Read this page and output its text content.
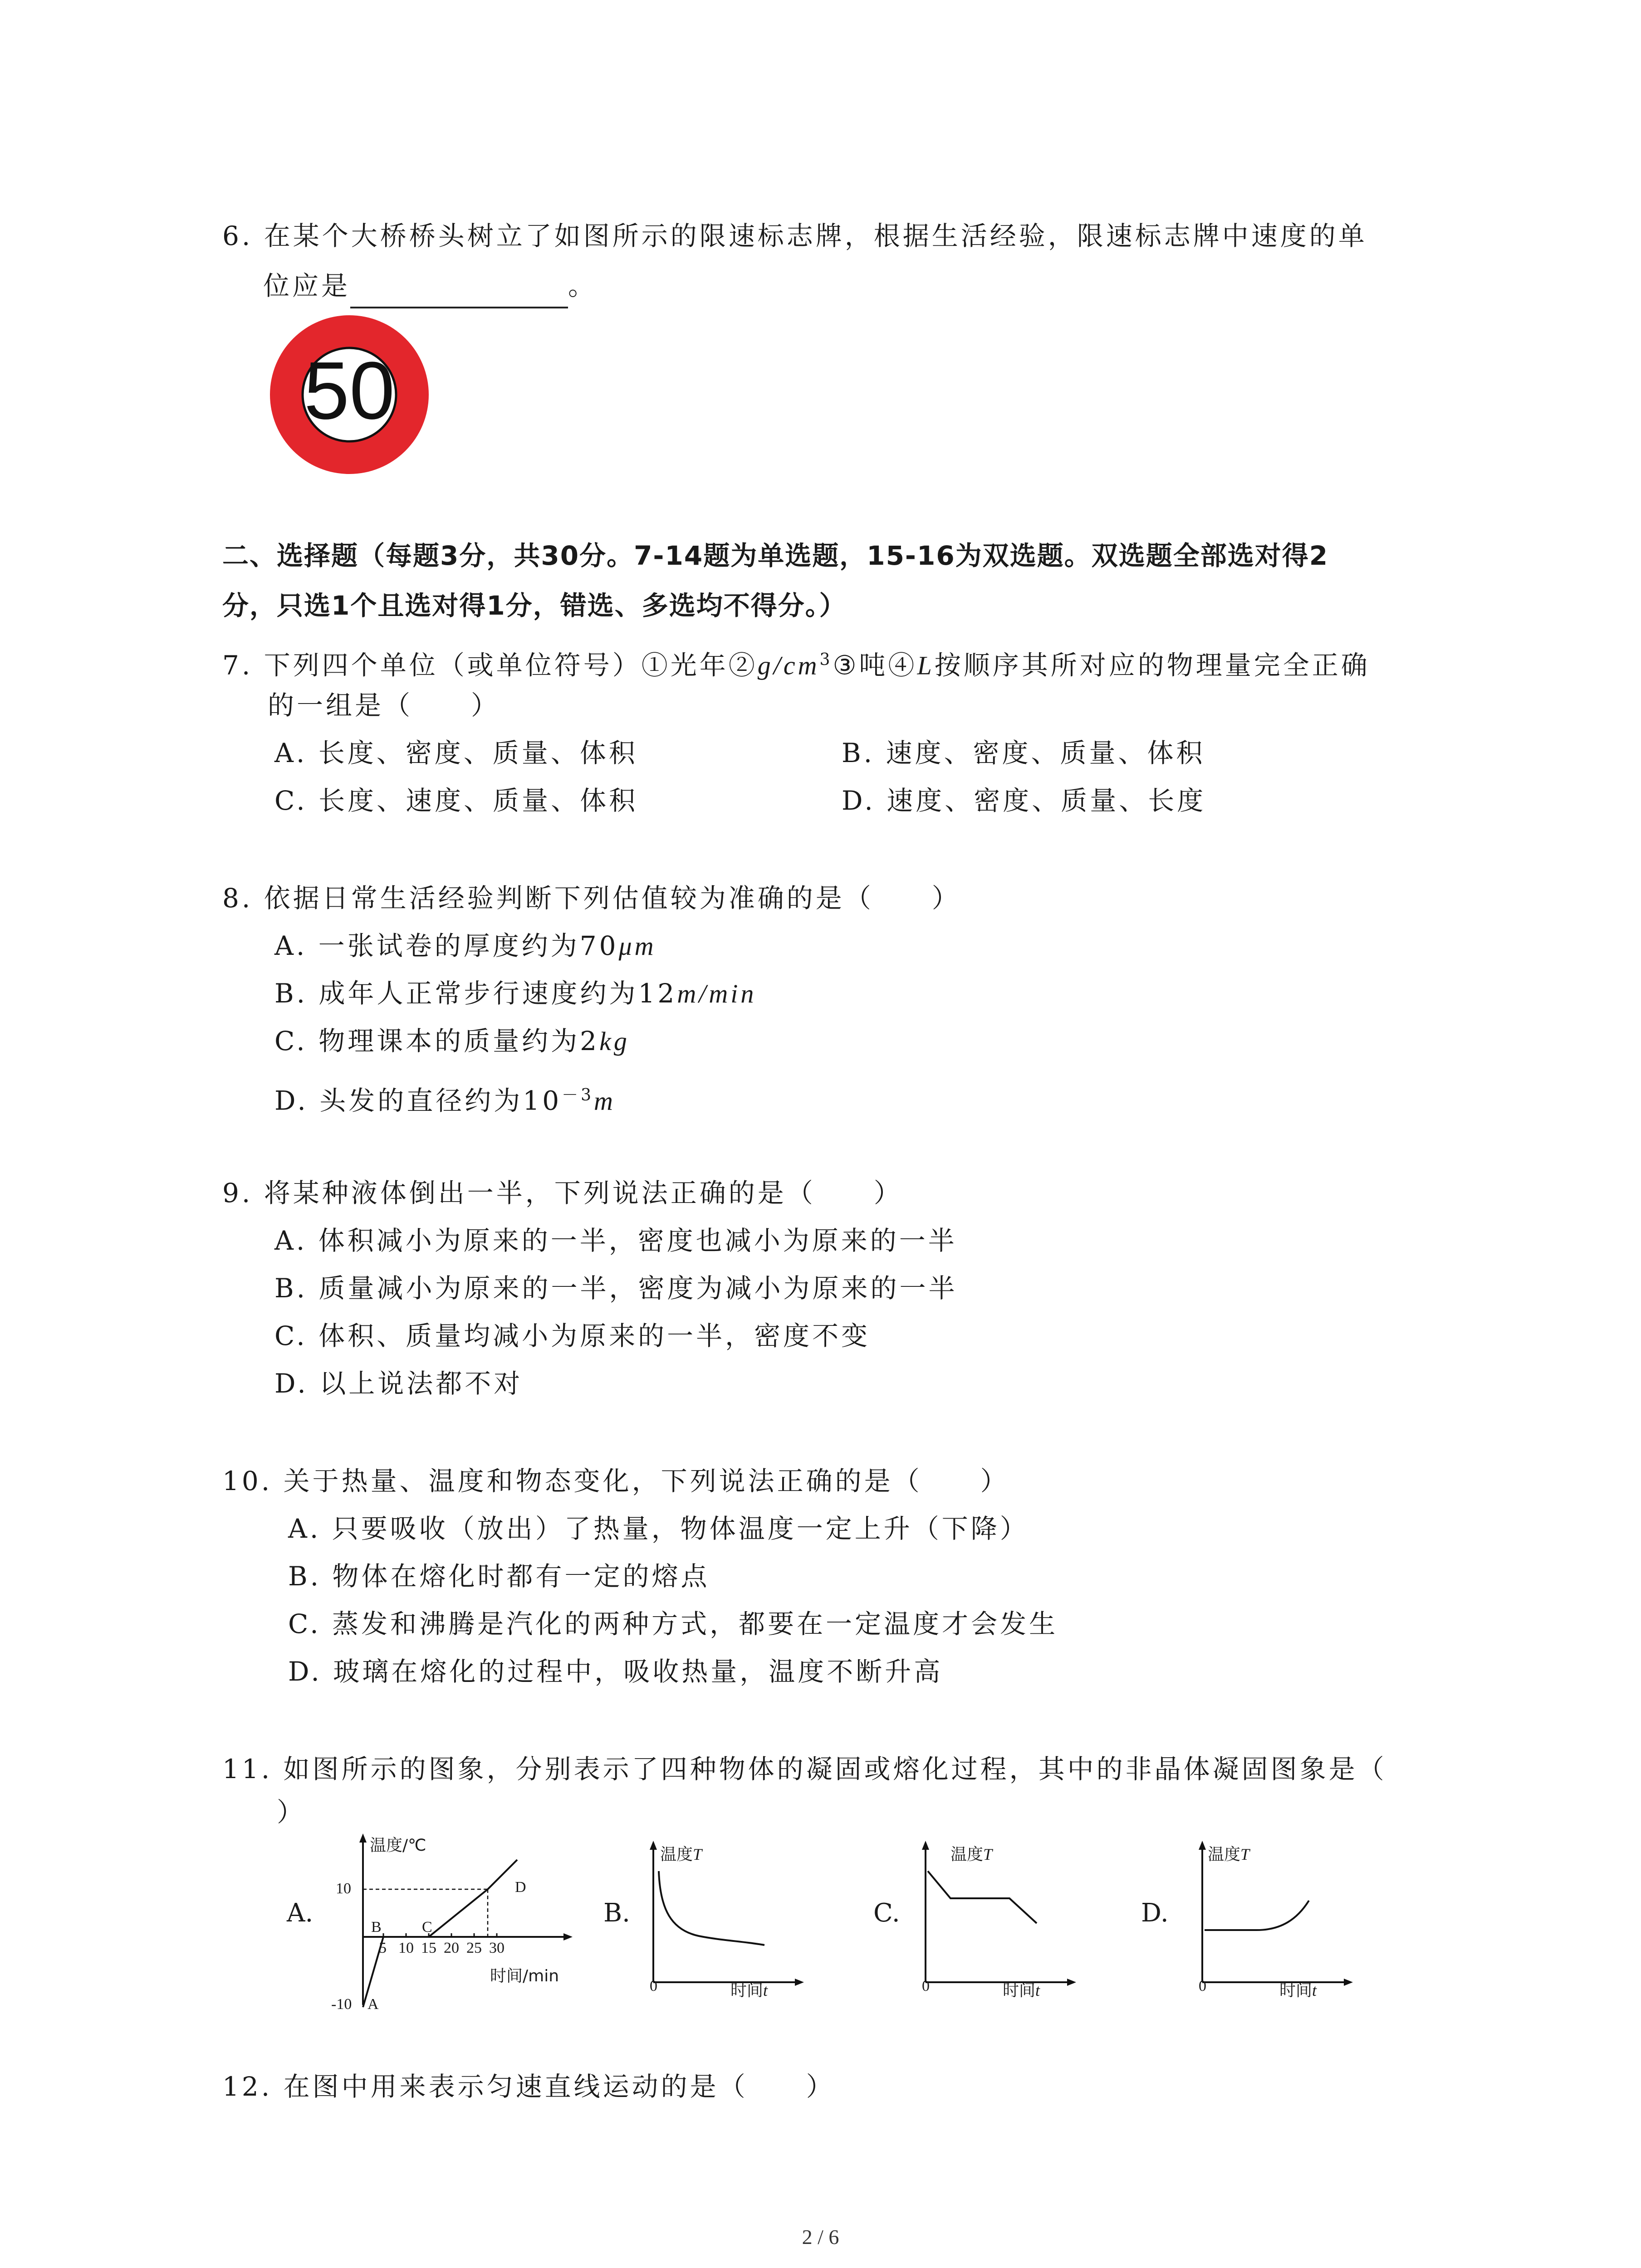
6. 在某个大桥桥头树立了如图所示的限速标志牌，根据生活经验，限速标志牌中速度的单
位应是	。
50
二、选择题（每题3分，共30分。7-14题为单选题，15-16为双选题。双选题全部选对得2
分，只选1个且选对得1分，错选、多选均不得分。）
7. 下列四个单位（或单位符号）①光年$②g/cm^3③$吨④L按顺序其所对应的物理量完全正确
的一组是（　　）
A. 长度、密度、质量、体积	B. 速度、密度、质量、体积
C. 长度、速度、质量、体积	D. 速度、密度、质量、长度
8. 依据日常生活经验判断下列估值较为准确的是（　　）
A. 一张试卷的厚度约为70μm
B. 成年人正常步行速度约为12m/min
C. 物理课本的质量约为2kg
D. 头发的直径约为$10^{-3}m$
9. 将某种液体倒出一半，下列说法正确的是（　　）
A. 体积减小为原来的一半，密度也减小为原来的一半
B. 质量减小为原来的一半，密度为减小为原来的一半
C. 体积、质量均减小为原来的一半，密度不变
D. 以上说法都不对
10. 关于热量、温度和物态变化，下列说法正确的是（　　）
A. 只要吸收（放出）了热量，物体温度一定上升（下降）
B. 物体在熔化时都有一定的熔点
C. 蒸发和沸腾是汽化的两种方式，都要在一定温度才会发生
D. 玻璃在熔化的过程中，吸收热量，温度不断升高
11. 如图所示的图象，分别表示了四种物体的凝固或熔化过程，其中的非晶体凝固图象是（
）
A.	B.	C.	D.
温度/℃
10
-10
5 10 15 20 25 30
时间/min
A
B	C
D
温度T
0	时间t
温度T
0	时间t
温度T
0	时间t
12. 在图中用来表示匀速直线运动的是（　　）
2 / 6
